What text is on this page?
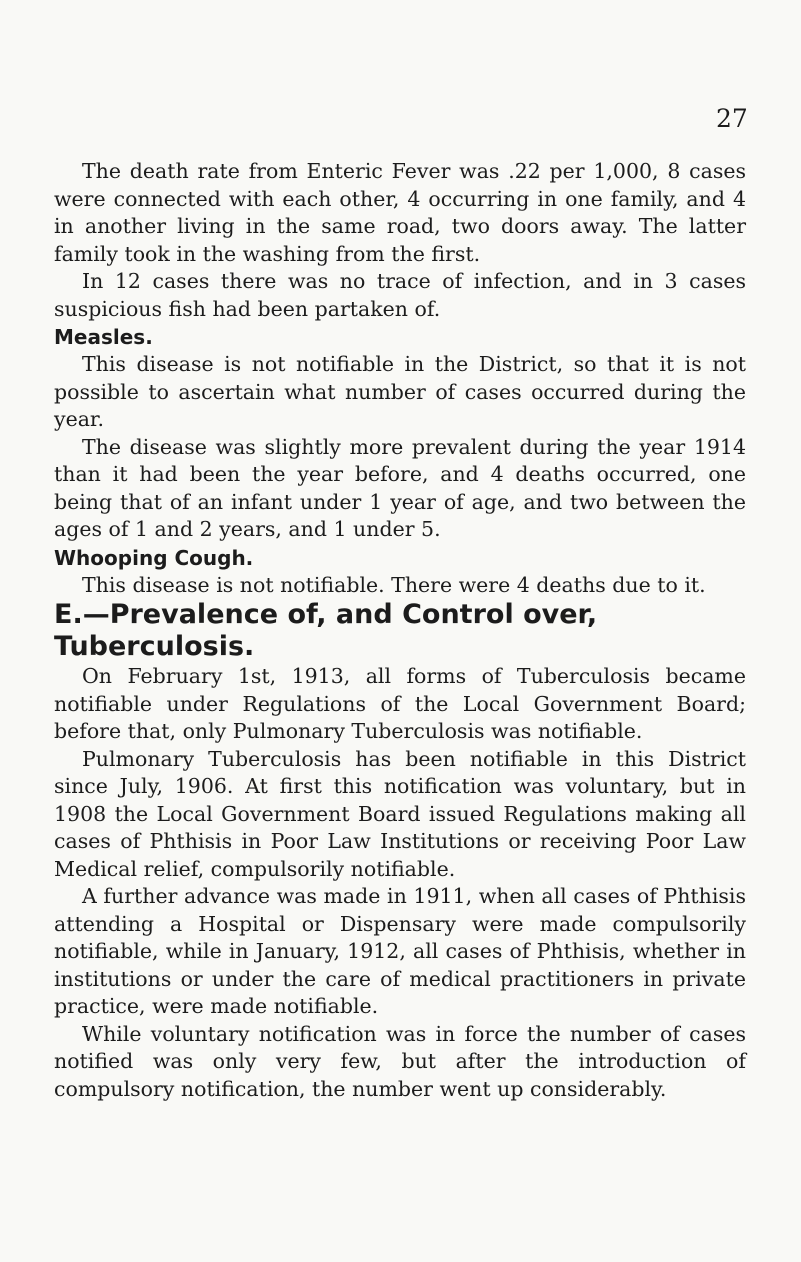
27

The death rate from Enteric Fever was .22 per 1,000, 8 cases were connected with each other, 4 occurring in one family, and 4 in another living in the same road, two doors away. The latter family took in the washing from the first.

In 12 cases there was no trace of infection, and in 3 cases suspicious fish had been partaken of.

Measles.

This disease is not notifiable in the District, so that it is not possible to ascertain what number of cases occurred during the year.

The disease was slightly more prevalent during the year 1914 than it had been the year before, and 4 deaths occurred, one being that of an infant under 1 year of age, and two between the ages of 1 and 2 years, and 1 under 5.

Whooping Cough.

This disease is not notifiable. There were 4 deaths due to it.

E.—Prevalence of, and Control over, Tuberculosis.

On February 1st, 1913, all forms of Tuberculosis became notifiable under Regulations of the Local Government Board; before that, only Pulmonary Tuberculosis was notifiable.

Pulmonary Tuberculosis has been notifiable in this District since July, 1906. At first this notification was voluntary, but in 1908 the Local Government Board issued Regulations making all cases of Phthisis in Poor Law Institutions or receiving Poor Law Medical relief, compulsorily notifiable.

A further advance was made in 1911, when all cases of Phthisis attending a Hospital or Dispensary were made compulsorily notifiable, while in January, 1912, all cases of Phthisis, whether in institutions or under the care of medical practitioners in private practice, were made notifiable.

While voluntary notification was in force the number of cases notified was only very few, but after the introduction of compulsory notification, the number went up considerably.
